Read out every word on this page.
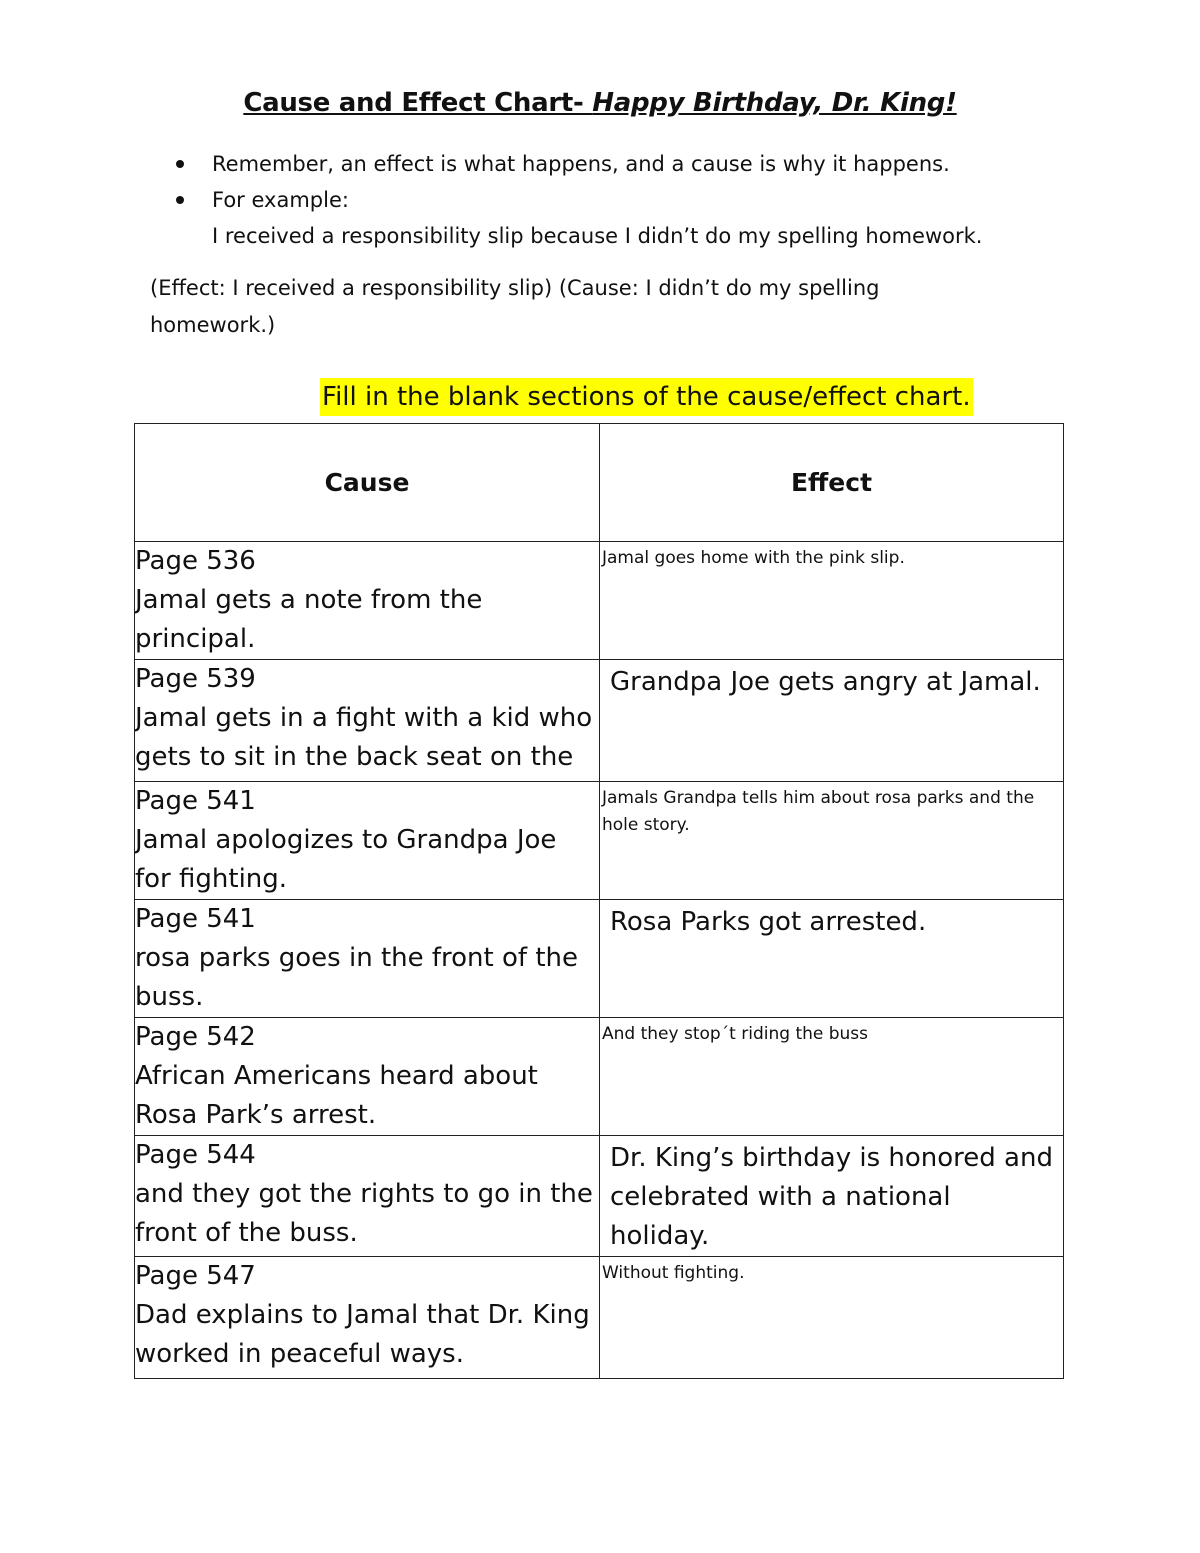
Cause and Effect Chart- Happy Birthday, Dr. King!
Remember, an effect is what happens, and a cause is why it happens.
For example:
I received a responsibility slip because I didn’t do my spelling homework.
(Effect: I received a responsibility slip) (Cause: I didn’t do my spelling homework.)
Fill in the blank sections of the cause/effect chart.
Cause	Effect

Page 536
Jamal gets a note from the principal.	Jamal goes home with the pink slip.

Page 539
Jamal gets in a fight with a kid who gets to sit in the back seat on the	Grandpa Joe gets angry at Jamal.

Page 541
Jamal apologizes to Grandpa Joe for fighting.	Jamals Grandpa tells him about rosa parks and the hole story.

Page 541
rosa parks goes in the front of the buss.	Rosa Parks got arrested.

Page 542
African Americans heard about Rosa Park’s arrest.	And they stop´t riding the buss

Page 544
and they got the rights to go in the front of the buss.	Dr. King’s birthday is honored and celebrated with a national holiday.

Page 547
Dad explains to Jamal that Dr. King worked in peaceful ways.	Without fighting.
